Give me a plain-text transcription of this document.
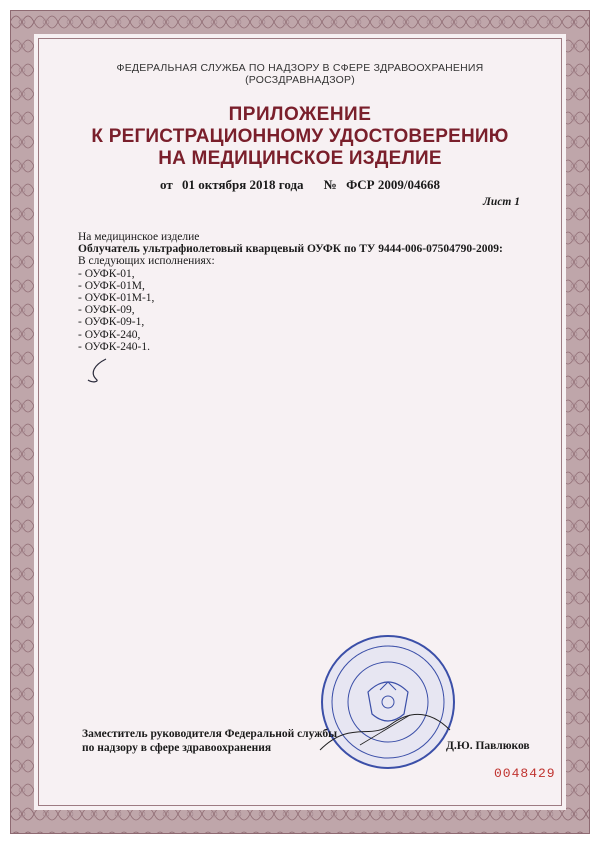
ФЕДЕРАЛЬНАЯ СЛУЖБА ПО НАДЗОРУ В СФЕРЕ ЗДРАВООХРАНЕНИЯ
(РОСЗДРАВНАДЗОР)
ПРИЛОЖЕНИЕ
К РЕГИСТРАЦИОННОМУ УДОСТОВЕРЕНИЮ
НА МЕДИЦИНСКОЕ ИЗДЕЛИЕ
от 01 октября 2018 года № ФСР 2009/04668
Лист 1
На медицинское изделие
Облучатель ультрафиолетовый кварцевый ОУФК по ТУ 9444-006-07504790-2009:
В следующих исполнениях:
- ОУФК-01,
- ОУФК-01М,
- ОУФК-01М-1,
- ОУФК-09,
- ОУФК-09-1,
- ОУФК-240,
- ОУФК-240-1.
Заместитель руководителя Федеральной службы
по надзору в сфере здравоохранения	Д.Ю. Павлюков
0048429
